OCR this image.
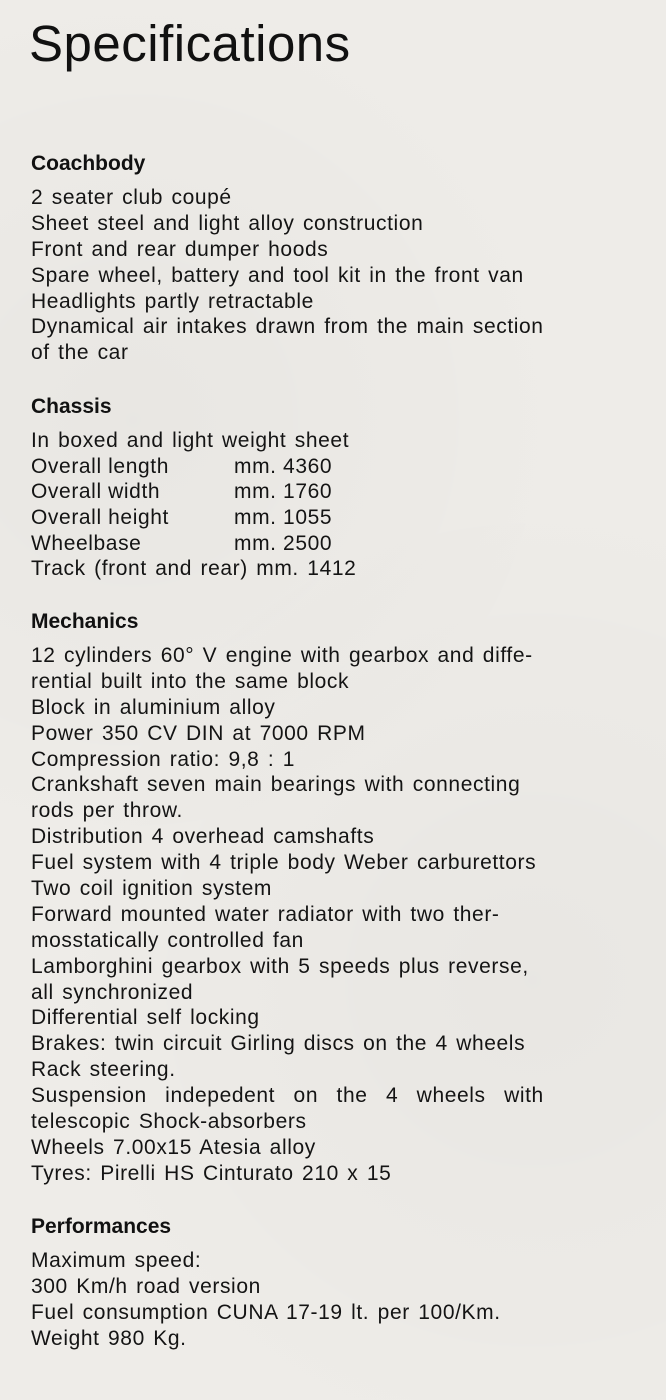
Specifications
Coachbody
2 seater club coupé
Sheet steel and light alloy construction
Front and rear dumper hoods
Spare wheel, battery and tool kit in the front van
Headlights partly retractable
Dynamical air intakes drawn from the main section
of the car
Chassis
In boxed and light weight sheet
Overall length	mm. 4360
Overall width	mm. 1760
Overall height	mm. 1055
Wheelbase	mm. 2500
Track (front and rear) mm. 1412
Mechanics
12 cylinders 60° V engine with gearbox and diffe-
rential built into the same block
Block in aluminium alloy
Power 350 CV DIN at 7000 RPM
Compression ratio: 9,8 : 1
Crankshaft seven main bearings with connecting
rods per throw.
Distribution 4 overhead camshafts
Fuel system with 4 triple body Weber carburettors
Two coil ignition system
Forward mounted water radiator with two ther-
mosstatically controlled fan
Lamborghini gearbox with 5 speeds plus reverse,
all synchronized
Differential self locking
Brakes: twin circuit Girling discs on the 4 wheels
Rack steering.
Suspension indepedent on the 4 wheels with
telescopic Shock-absorbers
Wheels 7.00x15 Atesia alloy
Tyres: Pirelli HS Cinturato 210 x 15
Performances
Maximum speed:
300 Km/h road version
Fuel consumption CUNA 17-19 lt. per 100/Km.
Weight 980 Kg.
